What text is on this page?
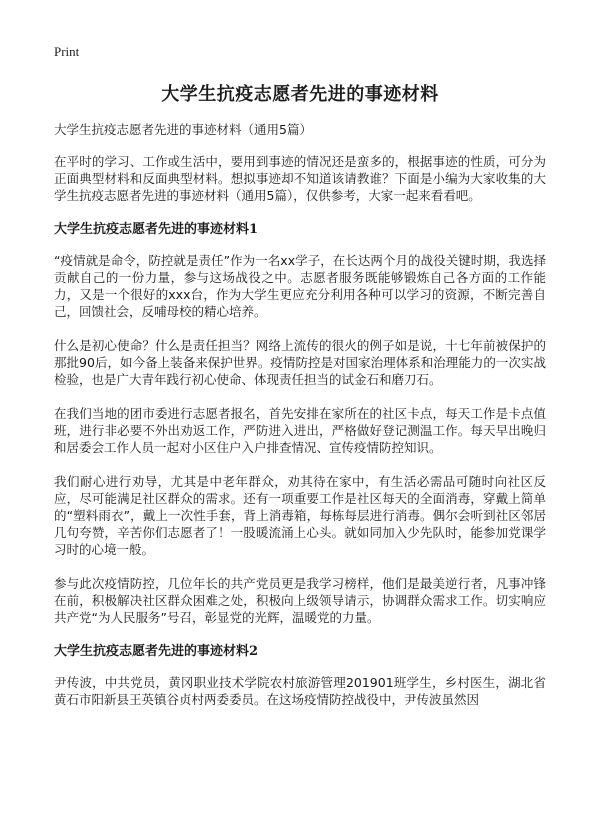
Print
大学生抗疫志愿者先进的事迹材料
大学生抗疫志愿者先进的事迹材料（通用5篇）
在平时的学习、工作或生活中，要用到事迹的情况还是蛮多的，根据事迹的性质，可分为正面典型材料和反面典型材料。想拟事迹却不知道该请教谁？下面是小编为大家收集的大学生抗疫志愿者先进的事迹材料（通用5篇），仅供参考，大家一起来看看吧。
大学生抗疫志愿者先进的事迹材料1
“疫情就是命令，防控就是责任”作为一名xx学子，在长达两个月的战役关键时期，我选择贡献自己的一份力量，参与这场战役之中。志愿者服务既能够锻炼自己各方面的工作能力，又是一个很好的xxx台，作为大学生更应充分利用各种可以学习的资源，不断完善自己，回馈社会，反哺母校的精心培养。
什么是初心使命？什么是责任担当？网络上流传的很火的例子如是说，十七年前被保护的那批90后，如今备上装备来保护世界。疫情防控是对国家治理体系和治理能力的一次实战检验，也是广大青年践行初心使命、体现责任担当的试金石和磨刀石。
在我们当地的团市委进行志愿者报名，首先安排在家所在的社区卡点，每天工作是卡点值班，进行非必要不外出劝返工作，严防进入进出，严格做好登记测温工作。每天早出晚归和居委会工作人员一起对小区住户入户排查情况、宣传疫情防控知识。
我们耐心进行劝导，尤其是中老年群众，劝其待在家中，有生活必需品可随时向社区反应，尽可能满足社区群众的需求。还有一项重要工作是社区每天的全面消毒，穿戴上简单的“塑料雨衣”，戴上一次性手套，背上消毒箱，每栋每层进行消毒。偶尔会听到社区邻居几句夸赞，辛苦你们志愿者了！一股暖流涌上心头。就如同加入少先队时，能参加党课学习时的心境一般。
参与此次疫情防控，几位年长的共产党员更是我学习榜样，他们是最美逆行者，凡事冲锋在前，积极解决社区群众困难之处，积极向上级领导请示，协调群众需求工作。切实响应共产党“为人民服务”号召，彰显党的光辉，温暖党的力量。
大学生抗疫志愿者先进的事迹材料2
尹传波，中共党员，黄冈职业技术学院农村旅游管理201901班学生，乡村医生，湖北省黄石市阳新县王英镇谷贞村两委委员。在这场疫情防控战役中，尹传波虽然因
